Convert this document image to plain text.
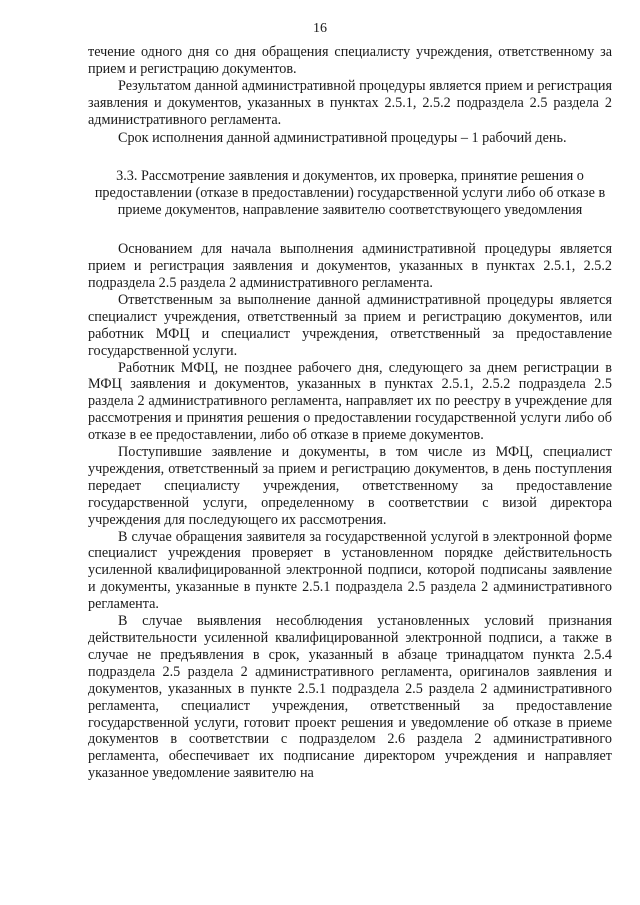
16

течение одного дня со дня обращения специалисту учреждения, ответственному за прием и регистрацию документов.

Результатом данной административной процедуры является прием и регистрация заявления и документов, указанных в пунктах 2.5.1, 2.5.2 подраздела 2.5 раздела 2 административного регламента.

Срок исполнения данной административной процедуры – 1 рабочий день.

3.3. Рассмотрение заявления и документов, их проверка, принятие решения о предоставлении (отказе в предоставлении) государственной услуги либо об отказе в приеме документов, направление заявителю соответствующего уведомления

Основанием для начала выполнения административной процедуры является прием и регистрация заявления и документов, указанных в пунктах 2.5.1, 2.5.2 подраздела 2.5 раздела 2 административного регламента.

Ответственным за выполнение данной административной процедуры является специалист учреждения, ответственный за прием и регистрацию документов, или работник МФЦ и специалист учреждения, ответственный за предоставление государственной услуги.

Работник МФЦ, не позднее рабочего дня, следующего за днем регистрации в МФЦ заявления и документов, указанных в пунктах 2.5.1, 2.5.2 подраздела 2.5 раздела 2 административного регламента, направляет их по реестру в учреждение для рассмотрения и принятия решения о предоставлении государственной услуги либо об отказе в ее предоставлении, либо об отказе в приеме документов.

Поступившие заявление и документы, в том числе из МФЦ, специалист учреждения, ответственный за прием и регистрацию документов, в день поступления передает специалисту учреждения, ответственному за предоставление государственной услуги, определенному в соответствии с визой директора учреждения для последующего их рассмотрения.

В случае обращения заявителя за государственной услугой в электронной форме специалист учреждения проверяет в установленном порядке действительность усиленной квалифицированной электронной подписи, которой подписаны заявление и документы, указанные в пункте 2.5.1 подраздела 2.5 раздела 2 административного регламента.

В случае выявления несоблюдения установленных условий признания действительности усиленной квалифицированной электронной подписи, а также в случае не предъявления в срок, указанный в абзаце тринадцатом пункта 2.5.4 подраздела 2.5 раздела 2 административного регламента, оригиналов заявления и документов, указанных в пункте 2.5.1 подраздела 2.5 раздела 2 административного регламента, специалист учреждения, ответственный за предоставление государственной услуги, готовит проект решения и уведомление об отказе в приеме документов в соответствии с подразделом 2.6 раздела 2 административного регламента, обеспечивает их подписание директором учреждения и направляет указанное уведомление заявителю на
